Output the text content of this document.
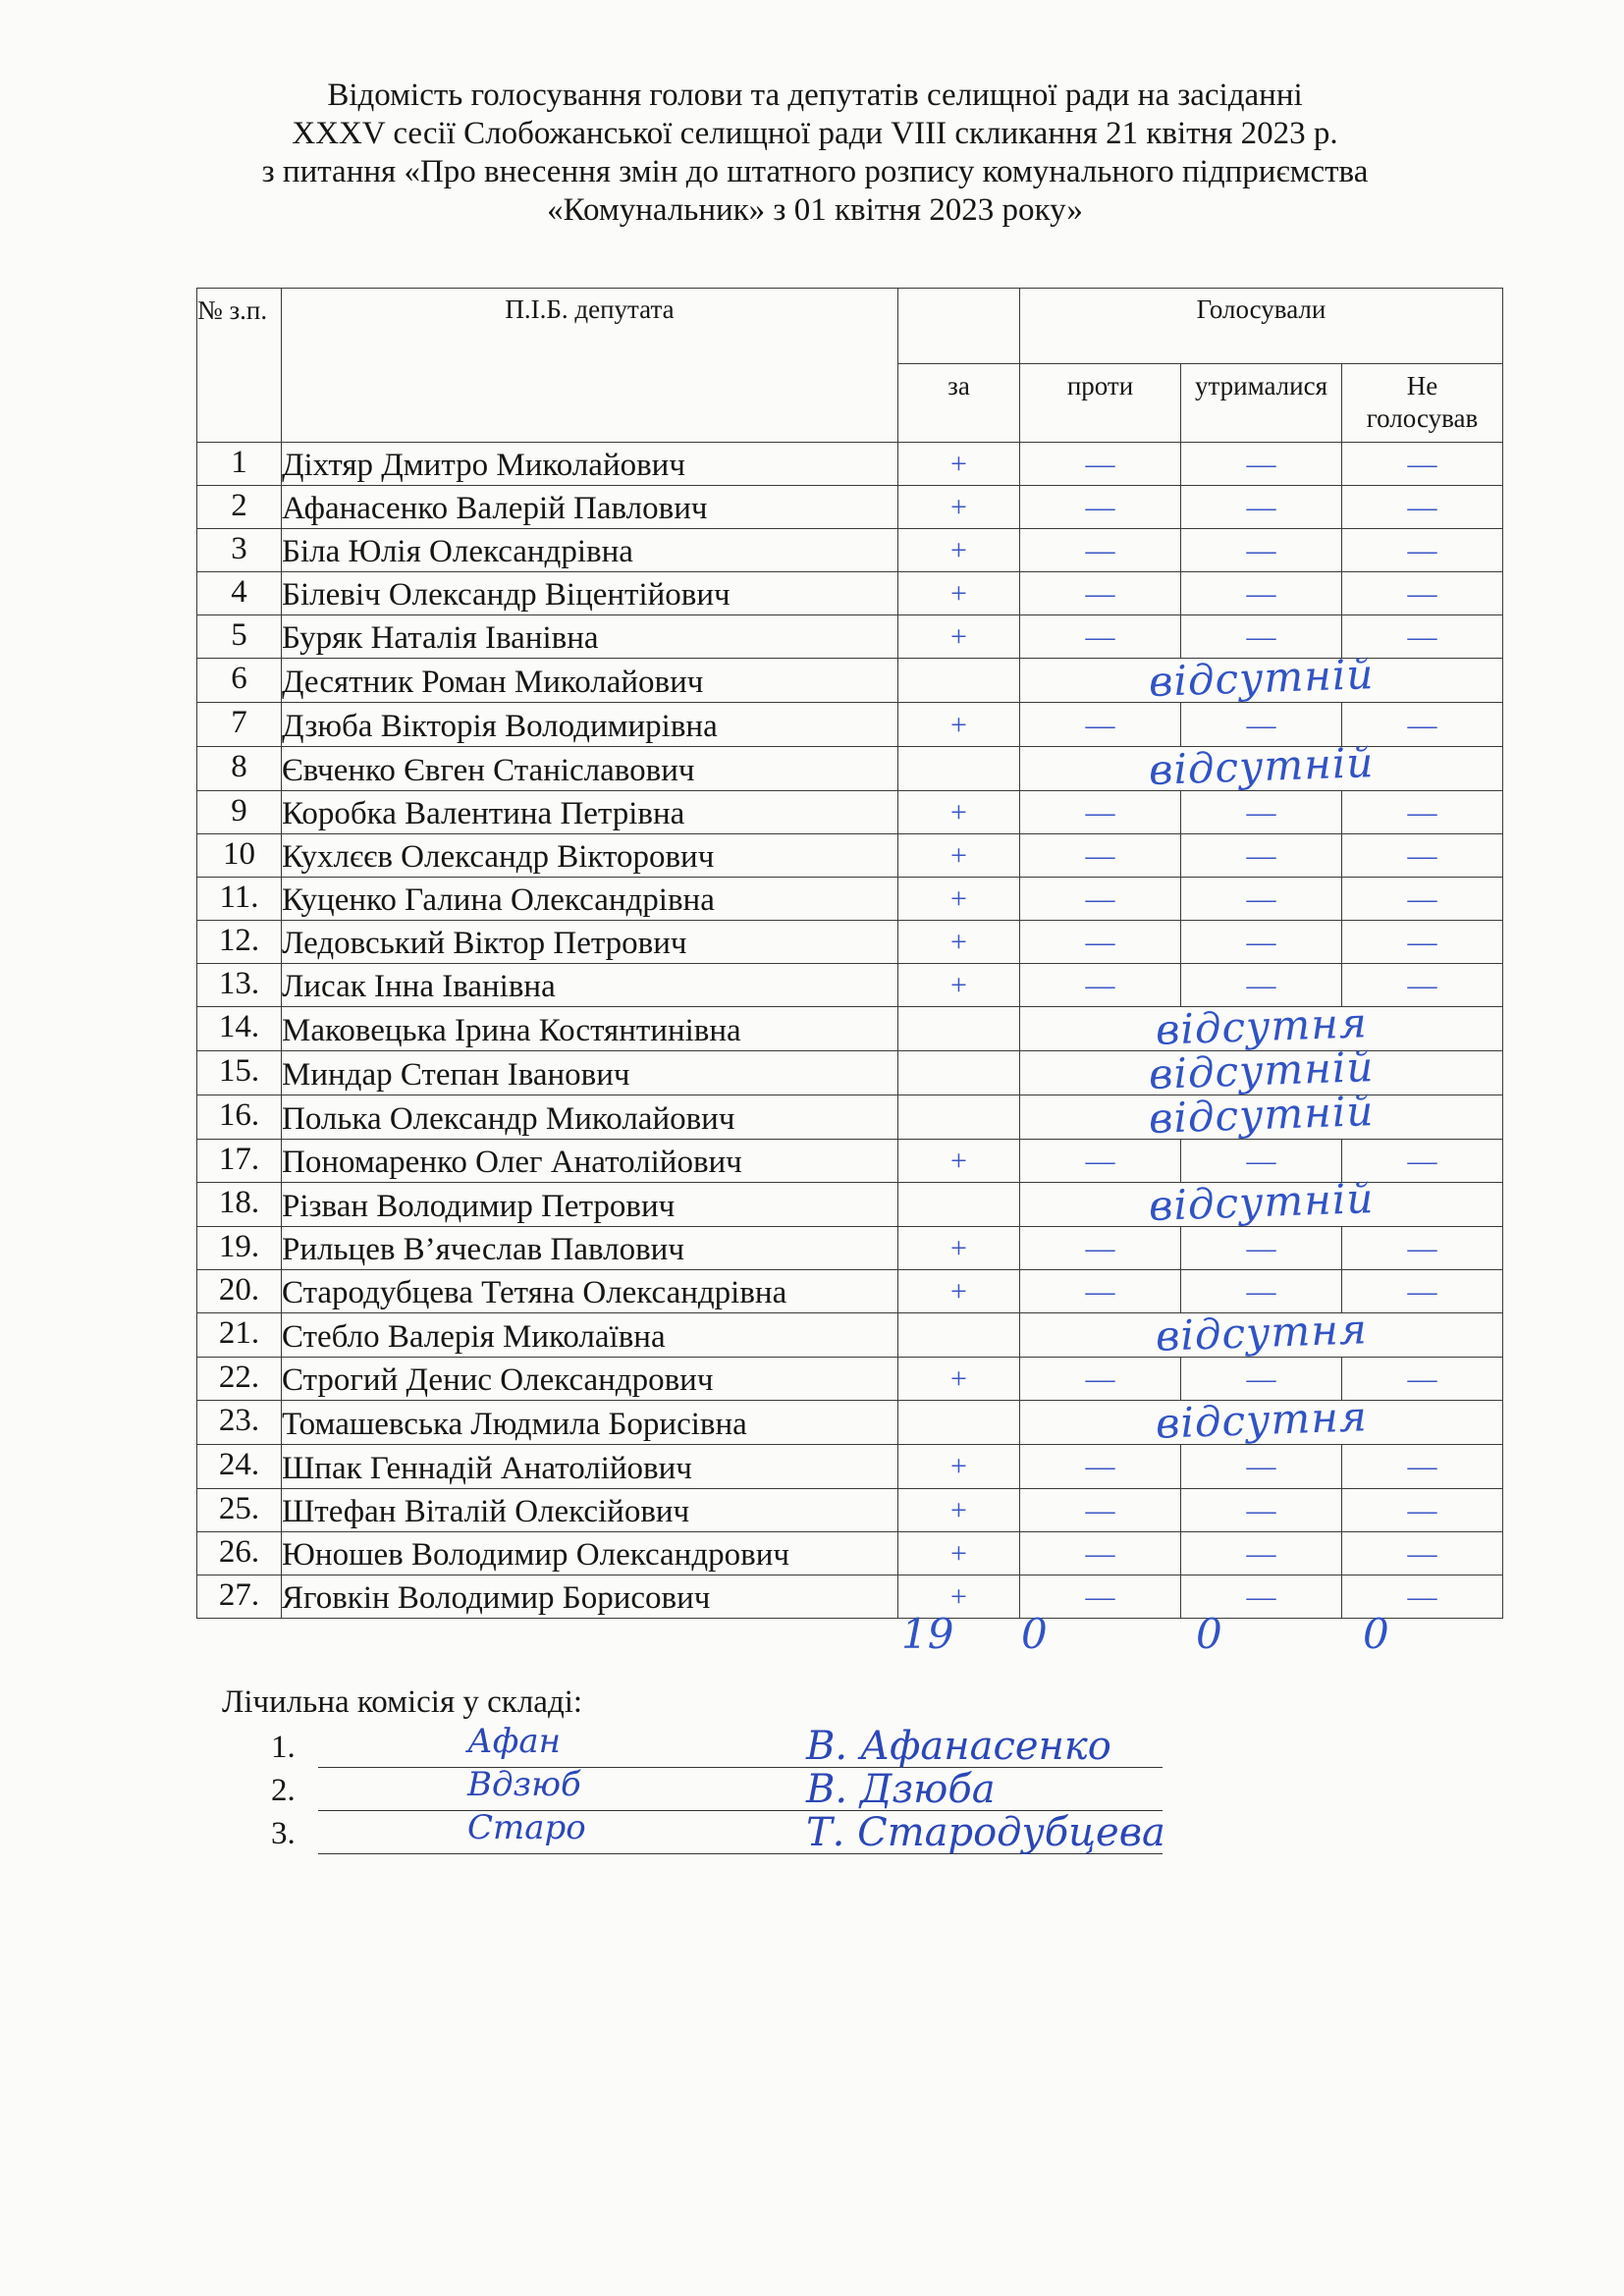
Відомість голосування голови та депутатів селищної ради на засіданні
XXXV сесії Слобожанської селищної ради VIII скликання 21 квітня 2023 р.
з питання «Про внесення змін до штатного розпису комунального підприємства
«Комунальник» з 01 квітня 2023 року»
№ з.п.	П.І.Б. депутата		Голосували		
		за	проти	утрималися	Не голосував
1	Діхтяр Дмитро Миколайович	+	—	—	—
2	Афанасенко Валерій Павлович	+	—	—	—
3	Біла Юлія Олександрівна	+	—	—	—
4	Білевіч Олександр Віцентійович	+	—	—	—
5	Буряк Наталія Іванівна	+	—	—	—
6	Десятник Роман Миколайович		відсутній		
7	Дзюба Вікторія Володимирівна	+	—	—	—
8	Євченко Євген Станіславович		відсутній		
9	Коробка Валентина Петрівна	+	—	—	—
10	Кухлєєв Олександр Вікторович	+	—	—	—
11.	Куценко Галина Олександрівна	+	—	—	—
12.	Ледовський Віктор Петрович	+	—	—	—
13.	Лисак Інна Іванівна	+	—	—	—
14.	Маковецька Ірина Костянтинівна		відсутня		
15.	Миндар Степан Іванович		відсутній		
16.	Полька Олександр Миколайович		відсутній		
17.	Пономаренко Олег Анатолійович	+	—	—	—
18.	Різван Володимир Петрович		відсутній		
19.	Рильцев В’ячеслав Павлович	+	—	—	—
20.	Стародубцева Тетяна Олександрівна	+	—	—	—
21.	Стебло Валерія Миколаївна		відсутня		
22.	Строгий Денис Олександрович	+	—	—	—
23.	Томашевська Людмила Борисівна		відсутня		
24.	Шпак Геннадій Анатолійович	+	—	—	—
25.	Штефан Віталій Олексійович	+	—	—	—
26.	Юношев Володимир Олександрович	+	—	—	—
27.	Яговкін Володимир Борисович	+	—	—	—
19 0	0	0
Лічильна комісія у складі:
1.	Афан	В. Афанасенко
2.	Вдзюб	В. Дзюба
3.	Старо	Т. Стародубцева
